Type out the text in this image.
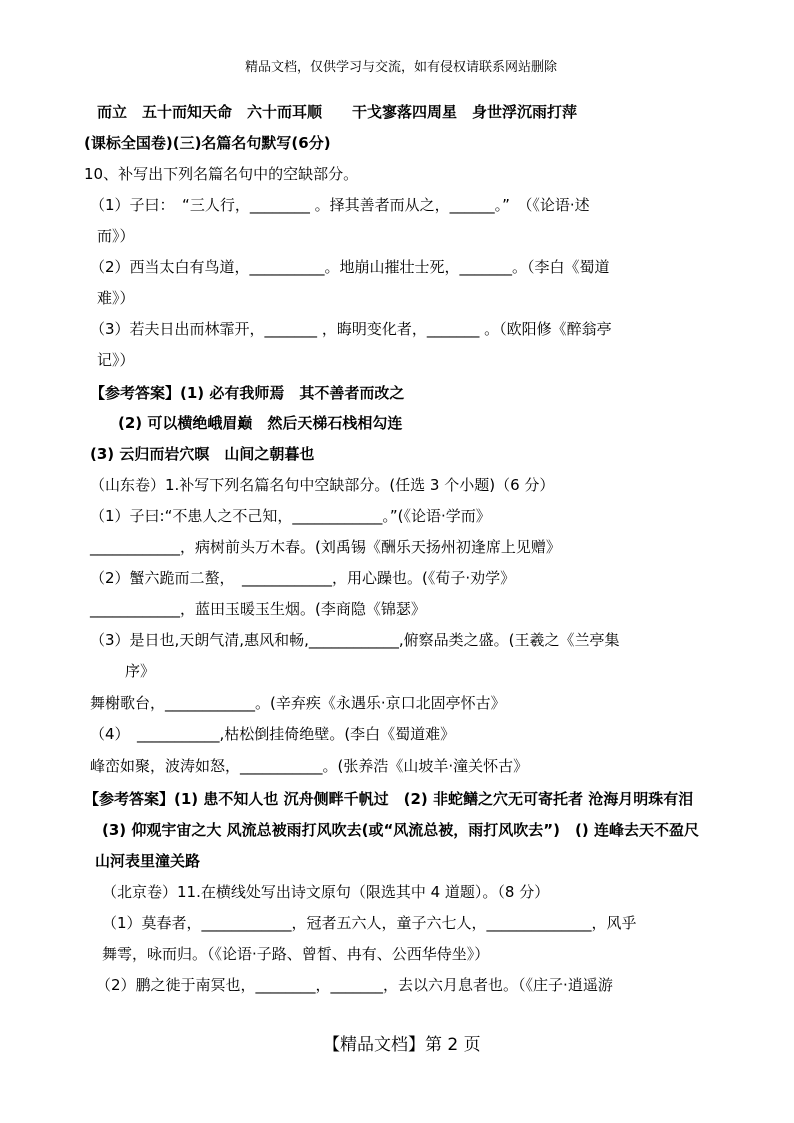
精品文档，仅供学习与交流，如有侵权请联系网站删除
而立　五十而知天命　六十而耳顺　　干戈寥落四周星　身世浮沉雨打萍
(课标全国卷)(三)名篇名句默写(6分)
10、补写出下列名篇名句中的空缺部分。
（1）子曰：　“三人行，________ 。择其善者而从之，______。”　（《论语·述
而》）
（2）西当太白有鸟道，__________。地崩山摧壮士死，_______。（李白《蜀道
难》）
（3）若夫日出而林霏开，_______ ，晦明变化者，_______ 。（欧阳修《醉翁亭
记》）
【参考答案】(1) 必有我师焉　其不善者而改之
(2) 可以横绝峨眉巅　然后天梯石栈相勾连
(3) 云归而岩穴暝　山间之朝暮也
（山东卷）1.补写下列名篇名句中空缺部分。(任选 3 个小题)（6 分）
（1）子曰:“不患人之不己知，____________。”(《论语·学而》
____________，病树前头万木春。(刘禹锡《酬乐天扬州初逢席上见赠》
（2）蟹六跪而二螯，　____________，用心躁也。(《荀子·劝学》
____________，蓝田玉暖玉生烟。(李商隐《锦瑟》
（3）是日也,天朗气清,惠风和畅,____________,俯察品类之盛。(王羲之《兰亭集
序》
舞榭歌台，____________。(辛弃疾《永遇乐·京口北固亭怀古》
（4）　___________,枯松倒挂倚绝壁。(李白《蜀道难》
峰峦如聚，波涛如怒，___________。(张养浩《山坡羊·潼关怀古》
【参考答案】(1) 患不知人也 沉舟侧畔千帆过　(2) 非蛇鳝之穴无可寄托者 沧海月明珠有泪
(3) 仰观宇宙之大 风流总被雨打风吹去(或“风流总被，雨打风吹去”)　() 连峰去天不盈尺
山河表里潼关路
（北京卷）11.在横线处写出诗文原句（限选其中 4 道题）。（8 分）
（1）莫春者，____________，冠者五六人，童子六七人，______________，风乎
舞雩，咏而归。（《论语·子路、曾皙、冉有、公西华侍坐》）
（2）鹏之徙于南冥也，________，_______，去以六月息者也。（《庄子·逍遥游
【精品文档】第 2 页
